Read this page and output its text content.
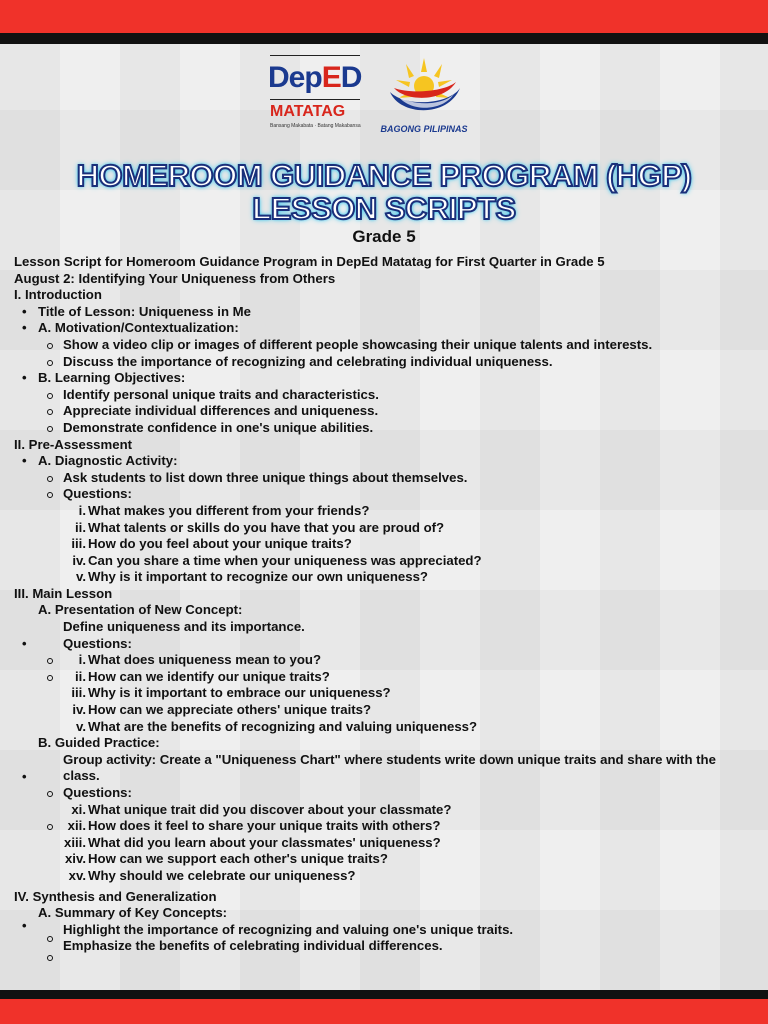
DepED
MATATAG
Bansang Makabata · Batang Makabansa	BAGONG PILIPINAS
HOMEROOM GUIDANCE PROGRAM (HGP)
LESSON SCRIPTS
Grade 5

Lesson Script for Homeroom Guidance Program in DepEd Matatag for First Quarter in Grade 5

August 2: Identifying Your Uniqueness from Others

I. Introduction

• Title of Lesson: Uniqueness in Me

• A. Motivation/Contextualization:

Show a video clip or images of different people showcasing their unique talents and interests.

Discuss the importance of recognizing and celebrating individual uniqueness.

• B. Learning Objectives:

Identify personal unique traits and characteristics.

Appreciate individual differences and uniqueness.

Demonstrate confidence in one's unique abilities.

II. Pre-Assessment

• A. Diagnostic Activity:

Ask students to list down three unique things about themselves.

Questions:

i. What makes you different from your friends?

ii. What talents or skills do you have that you are proud of?

iii. How do you feel about your unique traits?

iv. Can you share a time when your uniqueness was appreciated?

v. Why is it important to recognize our own uniqueness?

III. Main Lesson

A. Presentation of New Concept:

Define uniqueness and its importance.

•	Questions:

i. What does uniqueness mean to you?

ii. How can we identify our unique traits?

iii. Why is it important to embrace our uniqueness?

iv. How can we appreciate others' unique traits?

v. What are the benefits of recognizing and valuing uniqueness?

B. Guided Practice:

•
Group activity: Create a "Uniqueness Chart" where students write down unique traits and share with the class.

Questions:

xi. What unique trait did you discover about your classmate?

xii. How does it feel to share your unique traits with others?

xiii. What did you learn about your classmates' uniqueness?

xiv. How can we support each other's unique traits?

xv. Why should we celebrate our uniqueness?

IV. Synthesis and Generalization

A. Summary of Key Concepts:

•	Highlight the importance of recognizing and valuing one's unique traits.

Emphasize the benefits of celebrating individual differences.
